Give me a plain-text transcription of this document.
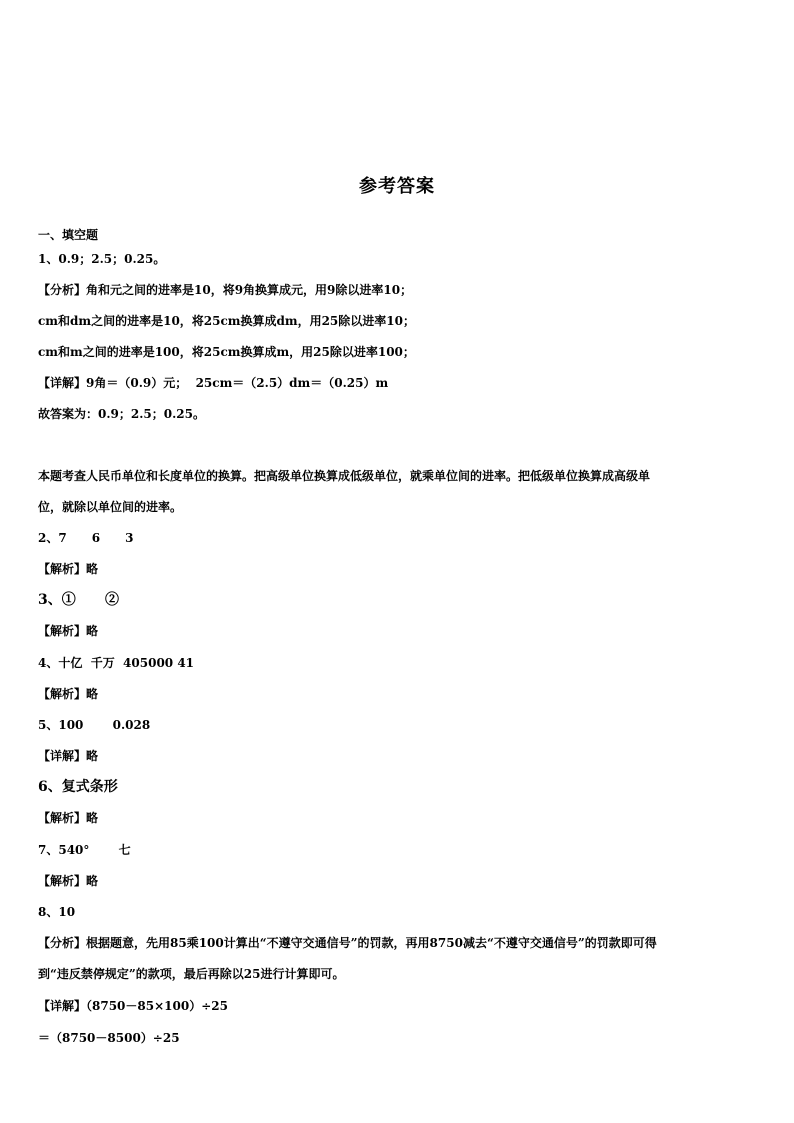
参考答案
一、填空题
1、0.9；2.5；0.25。
【分析】角和元之间的进率是10，将9角换算成元，用9除以进率10；
cm和dm之间的进率是10，将25cm换算成dm，用25除以进率10；
cm和m之间的进率是100，将25cm换算成m，用25除以进率100；
【详解】9角＝（0.9）元；  25cm＝（2.5）dm＝（0.25）m
故答案为：0.9；2.5；0.25。
本题考查人民币单位和长度单位的换算。把高级单位换算成低级单位，就乘单位间的进率。把低级单位换算成高级单
位，就除以单位间的进率。
2、7      6      3
【解析】略
3、①      ②
【解析】略
4、十亿  千万  405000 41
【解析】略
5、100       0.028
【详解】略
6、复式条形
【解析】略
7、540°       七
【解析】略
8、10
【分析】根据题意，先用85乘100计算出“不遵守交通信号”的罚款，再用8750减去“不遵守交通信号”的罚款即可得
到“违反禁停规定”的款项，最后再除以25进行计算即可。
【详解】（8750－85×100）÷25
＝（8750－8500）÷25
